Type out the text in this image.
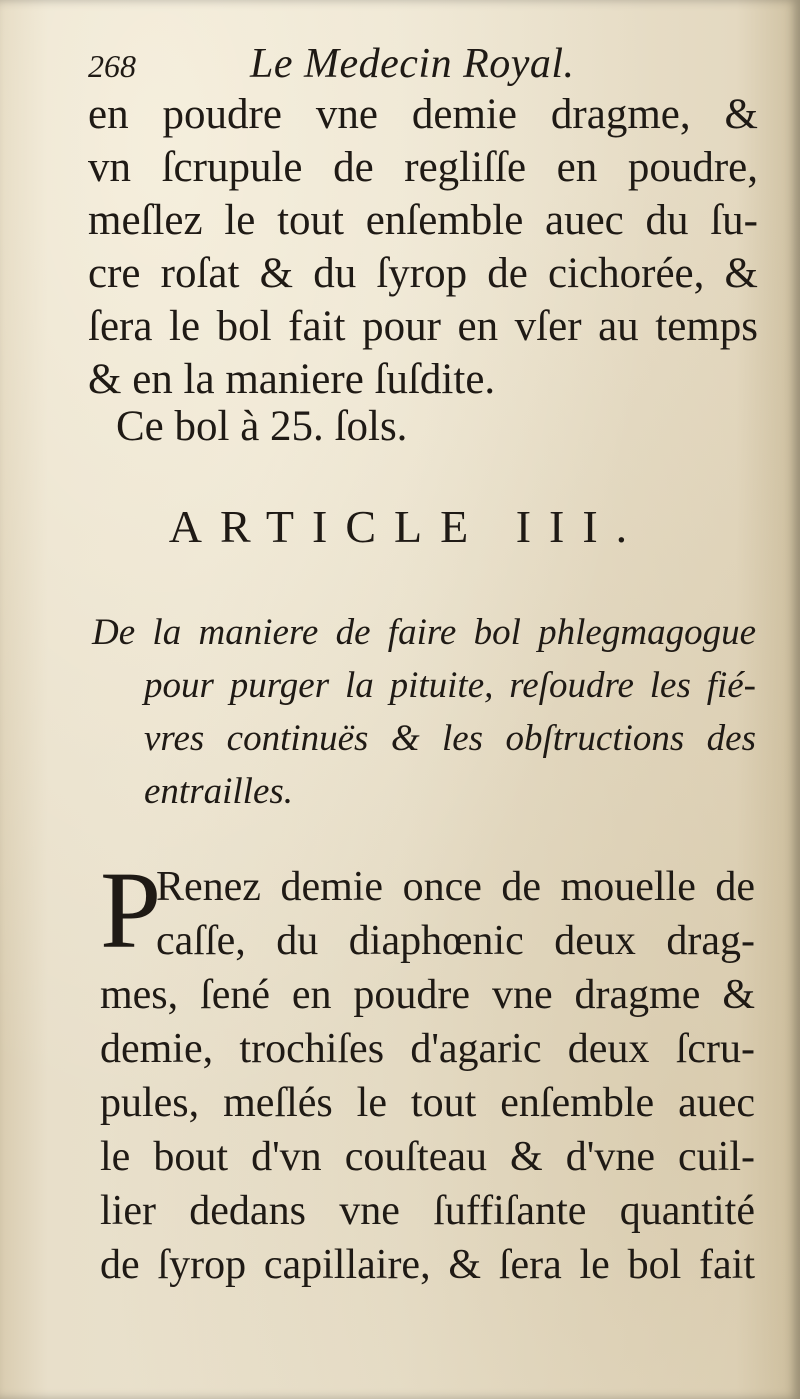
268	Le Medecin Royal.
en poudre vne demie dragme, &
vn ſcrupule de regliſſe en poudre,
meſlez le tout enſemble auec du ſu-
cre roſat & du ſyrop de cichorée, &
ſera le bol fait pour en vſer au temps
& en la maniere ſuſdite.
Ce bol à 25. ſols.
ARTICLE III.
De la maniere de faire bol phlegmagogue
pour purger la pituite, reſoudre les fié-
vres continuës & les obſtructions des
entrailles.
P
Renez demie once de mouelle de
caſſe, du diaphœnic deux drag-
mes, ſené en poudre vne dragme &
demie, trochiſes d'agaric deux ſcru-
pules, meſlés le tout enſemble auec
le bout d'vn couſteau & d'vne cuil-
lier dedans vne ſuffiſante quantité
de ſyrop capillaire, & ſera le bol fait
